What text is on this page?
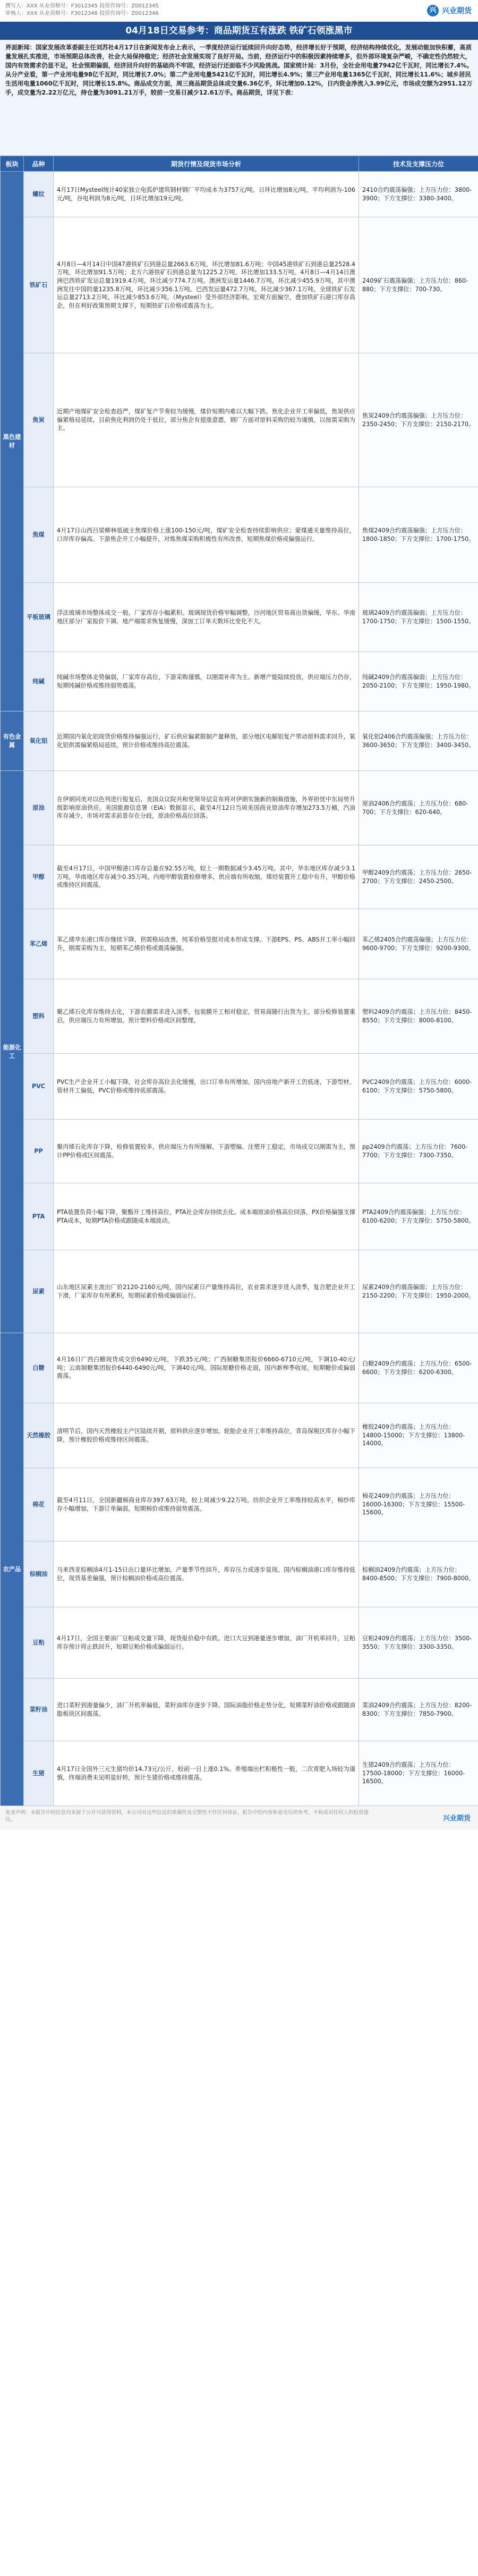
撰写人：XXX 从业资格号：F3012345 投资咨询号：Z0012345
审核人：XXX 从业资格号：F3012346 投资咨询号：Z0012346	兴 兴业期货
04月18日交易参考：商品期货互有涨跌 铁矿石领涨黑市
界面新闻：国家发展改革委副主任刘苏社4月17日在新闻发布会上表示，一季度经济运行延续回升向好态势，经济增长好于预期，经济结构持续优化，发展动能加快积蓄，高质量发展扎实推进，市场预期总体改善，社会大局保持稳定；经济社会发展实现了良好开局。当前，经济运行中的积极因素持续增多，但外部环境复杂严峻，不确定性仍然较大，国内有效需求仍显不足，社会预期偏弱，经济回升向好的基础尚不牢固，经济运行还面临不少风险挑战。国家统计局：3月份，全社会用电量7942亿千瓦时，同比增长7.4%。从分产业看，第一产业用电量98亿千瓦时，同比增长7.0%；第二产业用电量5421亿千瓦时，同比增长4.9%；第三产业用电量1365亿千瓦时，同比增长11.6%；城乡居民生活用电量1060亿千瓦时，同比增长15.8%。商品成交方面，周三商品期货总体成交量6.36亿手，环比增加0.12%，日内资金净流入3.99亿元，市场成交额为2951.12万手，成交量为2.22万亿元，持仓量为3091.21万手，较前一交易日减少12.61万手。商品期货，详见下表：
板块	品种	期货行情及现货市场分析	技术及支撑压力位
黑色建材	螺纹	4月17日Mysteel统计40家独立电弧炉建筑钢材钢厂平均成本为3757元/吨，日环比增加8元/吨，平均利润为-106元/吨，谷电利润为8元/吨，日环比增加19元/吨。	2410合约震荡偏强；上方压力位：3800-3900；下方支撑位：3380-3400。

	铁矿石	4月8日—4月14日中国47港铁矿石到港总量2663.6万吨，环比增加81.6万吨；中国45港铁矿石到港总量2528.4万吨，环比增加91.5万吨；北方六港铁矿石到港总量为1225.2万吨，环比增加133.5万吨。4月8日—4月14日澳洲巴西铁矿发运总量1919.4万吨，环比减少774.7万吨。澳洲发运量1446.7万吨，环比减少455.9万吨，其中澳洲发往中国的量1235.8万吨，环比减少356.1万吨。巴西发运量472.7万吨，环比减少367.1万吨。全球铁矿石发运总量2713.2万吨，环比减少853.6万吨。（Mysteel）受外部经济影响，宏观方面偏空，叠加铁矿石港口库存高企，但在利好政策预期支撑下，短期铁矿石价格或震荡为主。	2409矿石震荡偏强；上方压力位：860-880；下方支撑位：700-730。

	焦炭	近期产地煤矿安全检查趋严，煤矿复产节奏较为缓慢，煤价短期内难以大幅下跌。焦化企业开工率偏低，焦炭供应偏紧格局延续。目前焦化利润仍处于低位，部分焦企有提涨意愿，钢厂方面对原料采购仍较为谨慎，以按需采购为主。	焦炭2409合约震荡偏强；上方压力位：2350-2450；下方支撑位：2150-2170。

	焦煤	4月17日山西吕梁柳林低硫主焦煤价格上涨100-150元/吨，煤矿安全检查持续影响供应；蒙煤通关量维持高位，口岸库存偏高。下游焦企开工小幅提升，对炼焦煤采购积极性有所改善，短期焦煤价格或偏强运行。	焦煤2409合约震荡偏强；上方压力位：1800-1850；下方支撑位：1700-1750。

	平板玻璃	浮法玻璃市场整体成交一般，厂家库存小幅累积。玻璃现货价格窄幅调整，沙河地区贸易商出货偏缓，华东、华南地区部分厂家报价下调。地产端需求恢复缓慢，深加工订单天数环比变化不大。	玻璃2409合约震荡偏弱；上方压力位：1700-1750；下方支撑位：1500-1550。

	纯碱	纯碱市场整体走势偏弱，厂家库存高位，下游采购谨慎，以刚需补库为主。新增产能陆续投放，供应端压力仍存，短期纯碱价格或维持弱势震荡。	纯碱2409合约震荡偏弱；上方压力位：2050-2100；下方支撑位：1950-1980。

有色金属	氧化铝	近期国内氧化铝现货价格维持偏强运行，矿石供应偏紧限制产量释放，部分地区电解铝复产带动原料需求回升，氧化铝供需偏紧格局延续，预计价格或维持高位震荡。	氧化铝2406合约震荡偏强；上方压力位：3600-3650；下方支撑位：3400-3450。

能源化工	原油	在伊朗同美对以色列进行报复后，美国众议院共和党领导层宣布将对伊朗实施新的制裁措施，外界担忧中东局势升级影响原油供应。美国能源信息署（EIA）数据显示，截至4月12日当周美国商业原油库存增加273.5万桶，汽油库存减少，市场对需求前景存在分歧，原油价格高位回落。	原油2406合约震荡；上方压力位：680-700；下方支撑位：620-640。

	甲醇	截至4月17日，中国甲醇港口库存总量在92.55万吨，较上一期数据减少3.45万吨。其中，华东地区库存减少3.1万吨，华南地区库存减少0.35万吨。内地甲醇装置检修增多，供应端有所收缩，烯烃装置开工稳中有升，甲醇价格或维持区间震荡。	甲醇2409合约震荡；上方压力位：2650-2700；下方支撑位：2450-2500。

	苯乙烯	苯乙烯华东港口库存继续下降，供需格局改善，纯苯价格坚挺对成本形成支撑。下游EPS、PS、ABS开工率小幅回升，刚需采购为主，短期苯乙烯价格或震荡偏强。	苯乙烯2405合约震荡偏强；上方压力位：9600-9700；下方支撑位：9200-9300。

	塑料	聚乙烯石化库存维持去化，下游农膜需求进入淡季，包装膜开工相对稳定，贸易商随行出货为主。部分检修装置重启，供应端压力有所增加，预计塑料价格或区间整理。	塑料2409合约震荡；上方压力位：8450-8550；下方支撑位：8000-8100。

	PVC	PVC生产企业开工小幅下降，社会库存高位去化缓慢，出口订单有所增加。国内房地产新开工仍低迷，下游型材、管材开工偏低，PVC价格或维持底部震荡。	PVC2409合约震荡；上方压力位：6000-6100；下方支撑位：5750-5800。

	PP	聚丙烯石化库存下降，检修装置较多，供应端压力有所缓解。下游塑编、注塑开工稳定，市场成交以刚需为主，预计PP价格或区间震荡。	pp2409合约震荡；上方压力位：7600-7700；下方支撑位：7300-7350。

	PTA	PTA装置负荷小幅下降，聚酯开工维持高位，PTA社会库存持续去化。成本端原油价格高位回落，PX价格偏强支撑PTA成本，短期PTA价格或跟随成本端波动。	PTA2409合约震荡偏强；上方压力位：6100-6200；下方支撑位：5750-5800。

	尿素	山东地区尿素主流出厂价2120-2160元/吨，国内尿素日产量维持高位，农业需求逐步进入淡季，复合肥企业开工下滑，厂家库存有所累积，短期尿素价格或偏弱运行。	尿素2409合约震荡偏弱；上方压力位：2150-2200；下方支撑位：1950-2000。

农产品	白糖	4月16日广西白糖现货成交价6490元/吨，下跌35元/吨；广西制糖集团报价6660-6710元/吨，下调10-40元/吨；云南制糖集团报价6440-6490元/吨，下调40元/吨。国际原糖价格走弱，国内新榨季收尾，短期糖价或偏弱震荡。	白糖2409合约震荡；上方压力位：6500-6600；下方支撑位：6200-6300。

	天然橡胶	清明节后，国内天然橡胶主产区陆续开割，原料供应逐步增加。轮胎企业开工率维持高位，青岛保税区库存小幅下降，预计橡胶价格或维持区间震荡。	橡胶2409合约震荡；上方压力位：14800-15000；下方支撑位：13800-14000。

	棉花	截至4月11日，全国新疆棉商业库存397.63万吨，较上周减少9.22万吨。纺织企业开工率维持较高水平，棉纱库存小幅增加，下游订单偏弱，短期棉价或维持弱势震荡。	棉花2409合约震荡；上方压力位：16000-16300；下方支撑位：15500-15600。

	棕榈油	马来西亚棕榈油4月1-15日出口量环比增加，产量季节性回升，库存压力或逐步显现。国内棕榈油港口库存维持低位，现货基差偏强，预计棕榈油价格或高位震荡。	棕榈油2409合约震荡；上方压力位：8400-8500；下方支撑位：7900-8000。

	豆粕	4月17日，全国主要油厂豆粕成交量下降，现货报价稳中有跌。进口大豆到港量逐步增加，油厂开机率回升，豆粕库存预计将止跌回升，短期豆粕价格或偏弱运行。	豆粕2409合约震荡；上方压力位：3500-3550；下方支撑位：3300-3350。

	菜籽油	进口菜籽到港量偏少，油厂开机率偏低，菜籽油库存逐步下降。国际油脂价格走势分化，短期菜籽油价格或跟随油脂板块区间震荡。	菜油2409合约震荡；上方压力位：8200-8300；下方支撑位：7850-7900。

	生猪	4月17日全国外三元生猪均价14.73元/公斤，较前一日上涨0.1%。养殖端出栏积极性一般，二次育肥入场较为谨慎，终端消费未见明显好转，预计生猪价格或维持震荡。	生猪2409合约震荡；上方压力位：17500-18000；下方支撑位：16000-16500。
免责声明：本报告中的信息均来源于公开可获得资料，本公司对这些信息的准确性及完整性不作任何保证，报告中的内容和意见仅供参考，不构成对任何人的投资建议。	兴业期货
